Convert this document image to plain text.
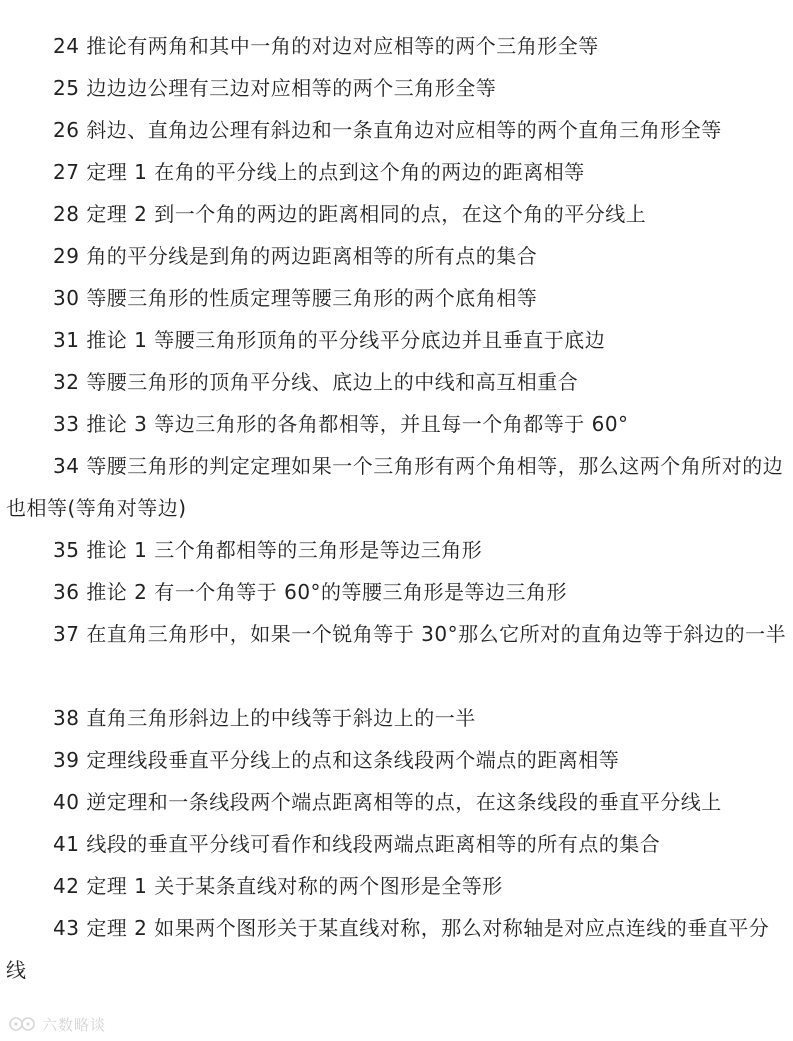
24 推论有两角和其中一角的对边对应相等的两个三角形全等

25 边边边公理有三边对应相等的两个三角形全等

26 斜边、直角边公理有斜边和一条直角边对应相等的两个直角三角形全等

27 定理 1 在角的平分线上的点到这个角的两边的距离相等

28 定理 2 到一个角的两边的距离相同的点，在这个角的平分线上

29 角的平分线是到角的两边距离相等的所有点的集合

30 等腰三角形的性质定理等腰三角形的两个底角相等

31 推论 1 等腰三角形顶角的平分线平分底边并且垂直于底边

32 等腰三角形的顶角平分线、底边上的中线和高互相重合

33 推论 3 等边三角形的各角都相等，并且每一个角都等于 60°

34 等腰三角形的判定定理如果一个三角形有两个角相等，那么这两个角所对的边也相等(等角对等边)

35 推论 1 三个角都相等的三角形是等边三角形

36 推论 2 有一个角等于 60°的等腰三角形是等边三角形

37 在直角三角形中，如果一个锐角等于 30°那么它所对的直角边等于斜边的一半

38 直角三角形斜边上的中线等于斜边上的一半

39 定理线段垂直平分线上的点和这条线段两个端点的距离相等

40 逆定理和一条线段两个端点距离相等的点，在这条线段的垂直平分线上

41 线段的垂直平分线可看作和线段两端点距离相等的所有点的集合

42 定理 1 关于某条直线对称的两个图形是全等形

43 定理 2 如果两个图形关于某直线对称，那么对称轴是对应点连线的垂直平分线

六数略谈
